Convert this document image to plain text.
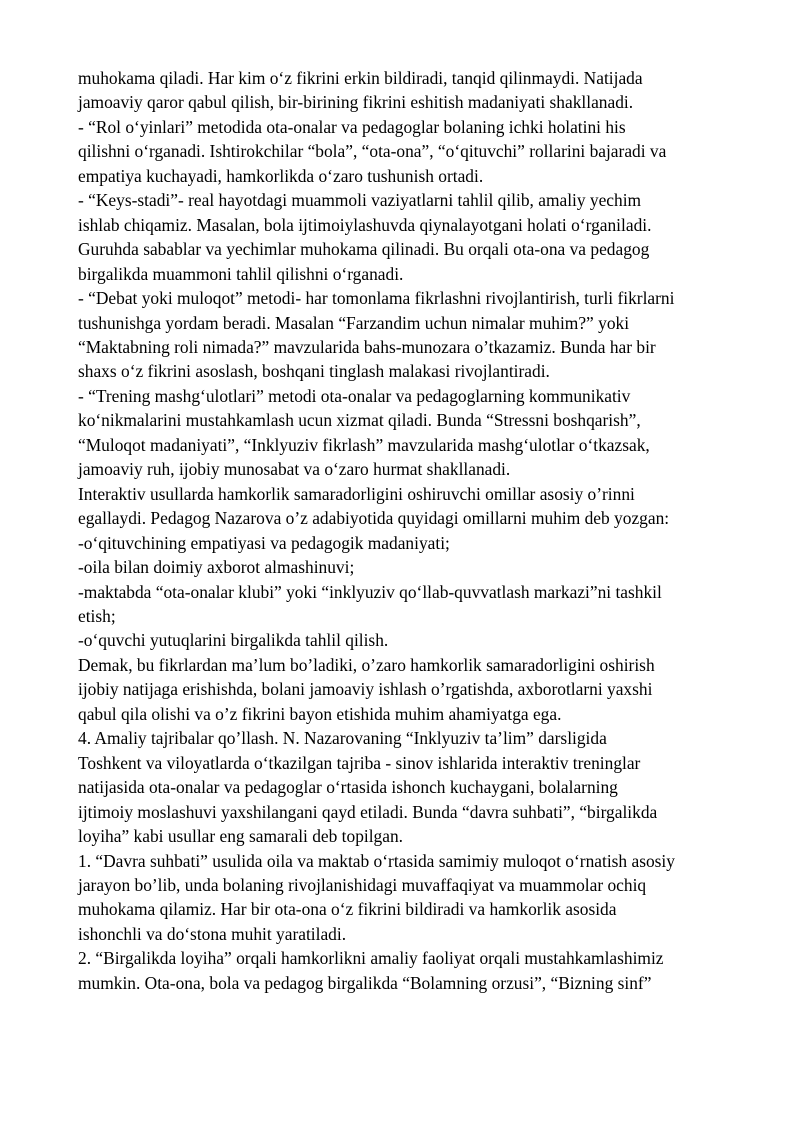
muhokama qiladi. Har kim o‘z fikrini erkin bildiradi, tanqid qilinmaydi. Natijada
jamoaviy qaror qabul qilish, bir-birining fikrini eshitish madaniyati shakllanadi.
- “Rol o‘yinlari” metodida ota-onalar va pedagoglar bolaning ichki holatini his
qilishni o‘rganadi. Ishtirokchilar “bola”, “ota-ona”, “o‘qituvchi” rollarini bajaradi va
empatiya kuchayadi, hamkorlikda o‘zaro tushunish ortadi.
- “Keys-stadi”- real hayotdagi muammoli vaziyatlarni tahlil qilib, amaliy yechim
ishlab chiqamiz. Masalan, bola ijtimoiylashuvda qiynalayotgani holati o‘rganiladi.
Guruhda sabablar va yechimlar muhokama qilinadi. Bu orqali ota-ona va pedagog
birgalikda muammoni tahlil qilishni o‘rganadi.
- “Debat yoki muloqot” metodi- har tomonlama fikrlashni rivojlantirish, turli fikrlarni
tushunishga yordam beradi. Masalan “Farzandim uchun nimalar muhim?” yoki
“Maktabning roli nimada?” mavzularida bahs-munozara o’tkazamiz. Bunda har bir
shaxs o‘z fikrini asoslash, boshqani tinglash malakasi rivojlantiradi.
- “Trening mashg‘ulotlari” metodi ota-onalar va pedagoglarning kommunikativ
ko‘nikmalarini mustahkamlash ucun xizmat qiladi. Bunda “Stressni boshqarish”,
“Muloqot madaniyati”, “Inklyuziv fikrlash” mavzularida mashg‘ulotlar o‘tkazsak,
jamoaviy ruh, ijobiy munosabat va o‘zaro hurmat shakllanadi.
Interaktiv usullarda hamkorlik samaradorligini oshiruvchi omillar asosiy o’rinni
egallaydi. Pedagog Nazarova o’z adabiyotida quyidagi omillarni muhim deb yozgan:
-o‘qituvchining empatiyasi va pedagogik madaniyati;
-oila bilan doimiy axborot almashinuvi;
-maktabda “ota-onalar klubi” yoki “inklyuziv qo‘llab-quvvatlash markazi”ni tashkil
etish;
-o‘quvchi yutuqlarini birgalikda tahlil qilish.
Demak, bu fikrlardan ma’lum bo’ladiki, o’zaro hamkorlik samaradorligini oshirish
ijobiy natijaga erishishda, bolani jamoaviy ishlash o’rgatishda, axborotlarni yaxshi
qabul qila olishi va o’z fikrini bayon etishida muhim ahamiyatga ega.
4. Amaliy tajribalar qo’llash. N. Nazarovaning “Inklyuziv ta’lim” darsligida
Toshkent va viloyatlarda o‘tkazilgan tajriba - sinov ishlarida interaktiv treninglar
natijasida ota-onalar va pedagoglar o‘rtasida ishonch kuchaygani, bolalarning
ijtimoiy moslashuvi yaxshilangani qayd etiladi. Bunda “davra suhbati”, “birgalikda
loyiha” kabi usullar eng samarali deb topilgan.
1. “Davra suhbati” usulida oila va maktab o‘rtasida samimiy muloqot o‘rnatish asosiy
jarayon bo’lib, unda bolaning rivojlanishidagi muvaffaqiyat va muammolar ochiq
muhokama qilamiz. Har bir ota-ona o‘z fikrini bildiradi va hamkorlik asosida
ishonchli va do‘stona muhit yaratiladi.
2. “Birgalikda loyiha” orqali hamkorlikni amaliy faoliyat orqali mustahkamlashimiz
mumkin. Ota-ona, bola va pedagog birgalikda “Bolamning orzusi”, “Bizning sinf”
